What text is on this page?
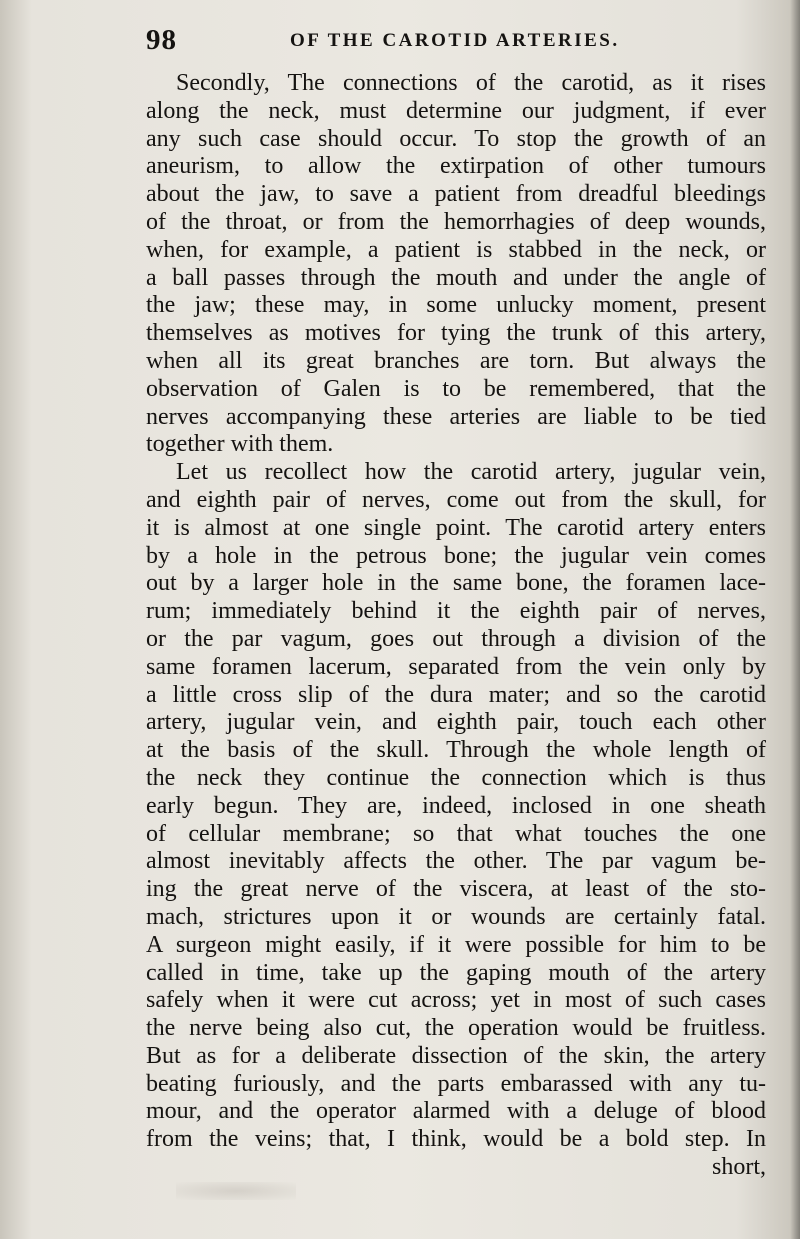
98	OF THE CAROTID ARTERIES.
Secondly, The connections of the carotid, as it rises
along the neck, must determine our judgment, if ever
any such case should occur. To stop the growth of an
aneurism, to allow the extirpation of other tumours
about the jaw, to save a patient from dreadful bleedings
of the throat, or from the hemorrhagies of deep wounds,
when, for example, a patient is stabbed in the neck, or
a ball passes through the mouth and under the angle of
the jaw; these may, in some unlucky moment, present
themselves as motives for tying the trunk of this artery,
when all its great branches are torn. But always the
observation of Galen is to be remembered, that the
nerves accompanying these arteries are liable to be tied
together with them.
Let us recollect how the carotid artery, jugular vein,
and eighth pair of nerves, come out from the skull, for
it is almost at one single point. The carotid artery enters
by a hole in the petrous bone; the jugular vein comes
out by a larger hole in the same bone, the foramen lace-
rum; immediately behind it the eighth pair of nerves,
or the par vagum, goes out through a division of the
same foramen lacerum, separated from the vein only by
a little cross slip of the dura mater; and so the carotid
artery, jugular vein, and eighth pair, touch each other
at the basis of the skull. Through the whole length of
the neck they continue the connection which is thus
early begun. They are, indeed, inclosed in one sheath
of cellular membrane; so that what touches the one
almost inevitably affects the other. The par vagum be-
ing the great nerve of the viscera, at least of the sto-
mach, strictures upon it or wounds are certainly fatal.
A surgeon might easily, if it were possible for him to be
called in time, take up the gaping mouth of the artery
safely when it were cut across; yet in most of such cases
the nerve being also cut, the operation would be fruitless.
But as for a deliberate dissection of the skin, the artery
beating furiously, and the parts embarassed with any tu-
mour, and the operator alarmed with a deluge of blood
from the veins; that, I think, would be a bold step. In
short,
